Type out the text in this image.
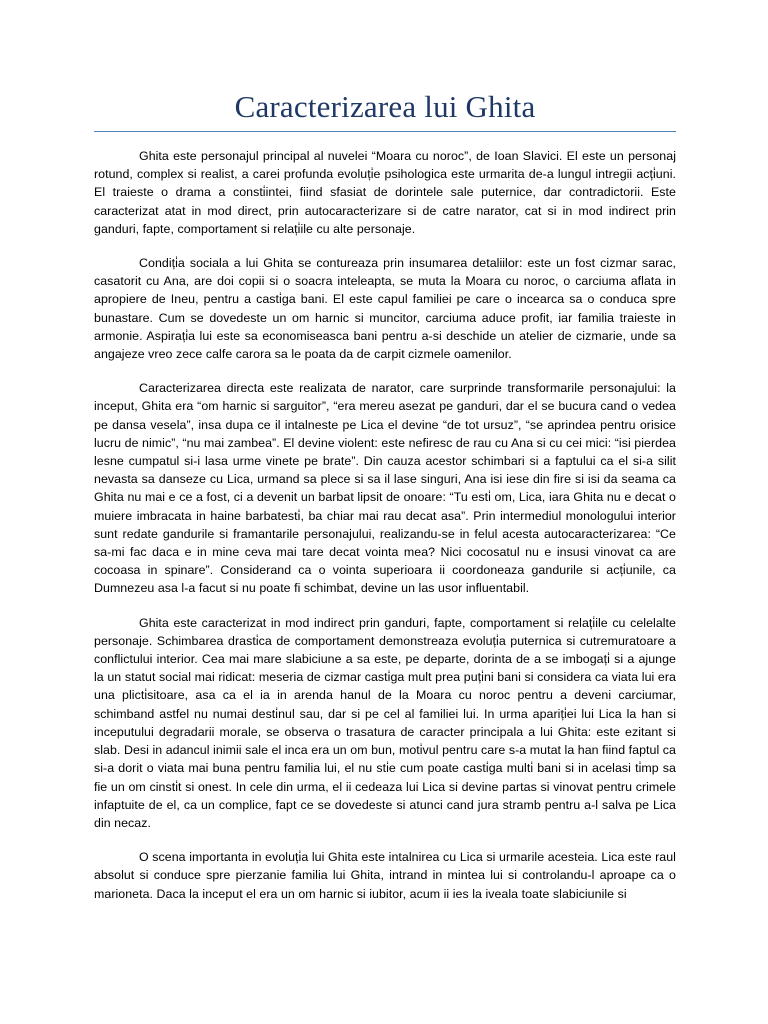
Caracterizarea lui Ghita

Ghita este personajul principal al nuvelei “Moara cu noroc”, de Ioan Slavici. El este un personaj rotund, complex si realist, a carei profunda evoluți̇e psihologica este urmarita de-a lungul intregii acți̇uni. El traieste o drama a consti̇intei, fiind sfasiat de dorintele sale puternice, dar contradictorii. Este caracterizat atat in mod direct, prin autocaracterizare si de catre narator, cat si in mod indirect prin ganduri, fapte, comportament si relați̇ile cu alte personaje.

Condiți̇a sociala a lui Ghita se contureaza prin insumarea detaliilor: este un fost cizmar sarac, casatorit cu Ana, are doi copii si o soacra inteleapta, se muta la Moara cu noroc, o carciuma aflata in apropiere de Ineu, pentru a casti̇ga bani. El este capul familiei pe care o incearca sa o conduca spre bunastare. Cum se dovedeste un om harnic si muncitor, carciuma aduce profit, iar familia traieste in armonie. Aspirați̇a lui este sa economiseasca bani pentru a-si deschide un atelier de cizmarie, unde sa angajeze vreo zece calfe carora sa le poata da de carpit cizmele oamenilor.

Caracterizarea directa este realizata de narator, care surprinde transformarile personajului: la inceput, Ghita era “om harnic si sarguitor”, “era mereu asezat pe ganduri, dar el se bucura cand o vedea pe dansa vesela”, insa dupa ce il intalneste pe Lica el devine “de tot ursuz”, “se aprindea pentru orisice lucru de nimic”, “nu mai zambea”. El devine violent: este nefiresc de rau cu Ana si cu cei mici: “isi pierdea lesne cumpatul si-i lasa urme vinete pe brate”. Din cauza acestor schimbari si a faptului ca el si-a silit nevasta sa danseze cu Lica, urmand sa plece si sa il lase singuri, Ana isi iese din fire si isi da seama ca Ghita nu mai e ce a fost, ci a devenit un barbat lipsit de onoare: “Tu esti̇ om, Lica, iara Ghita nu e decat o muiere imbracata in haine barbatesti̇, ba chiar mai rau decat asa”. Prin intermediul monologului interior sunt redate gandurile si framantarile personajului, realizandu-se in felul acesta autocaracterizarea: “Ce sa-mi fac daca e in mine ceva mai tare decat vointa mea? Nici cocosatul nu e insusi vinovat ca are cocoasa in spinare”. Considerand ca o vointa superioara ii coordoneaza gandurile si acți̇unile, ca Dumnezeu asa l-a facut si nu poate fi schimbat, devine un las usor influentabil.

Ghita este caracterizat in mod indirect prin ganduri, fapte, comportament si relați̇ile cu celelalte personaje. Schimbarea drasti̇ca de comportament demonstreaza evoluți̇a puternica si cutremuratoare a conflictului interior. Cea mai mare slabiciune a sa este, pe departe, dorinta de a se imbogați̇ si a ajunge la un statut social mai ridicat: meseria de cizmar casti̇ga mult prea puți̇ni bani si considera ca viata lui era una plicti̇sitoare, asa ca el ia in arenda hanul de la Moara cu noroc pentru a deveni carciumar, schimband astfel nu numai desti̇nul sau, dar si pe cel al familiei lui. In urma apariți̇ei lui Lica la han si inceputului degradarii morale, se observa o trasatura de caracter principala a lui Ghita: este ezitant si slab. Desi in adancul inimii sale el inca era un om bun, moti̇vul pentru care s-a mutat la han fiind faptul ca si-a dorit o viata mai buna pentru familia lui, el nu sti̇e cum poate casti̇ga multi̇ bani si in acelasi ti̇mp sa fie un om cinsti̇t si onest. In cele din urma, el ii cedeaza lui Lica si devine partas si vinovat pentru crimele infaptuite de el, ca un complice, fapt ce se dovedeste si atunci cand jura stramb pentru a-l salva pe Lica din necaz.

O scena importanta in evoluți̇a lui Ghita este intalnirea cu Lica si urmarile acesteia. Lica este raul absolut si conduce spre pierzanie familia lui Ghita, intrand in mintea lui si controlandu-l aproape ca o marioneta. Daca la inceput el era un om harnic si iubitor, acum ii ies la iveala toate slabiciunile si
